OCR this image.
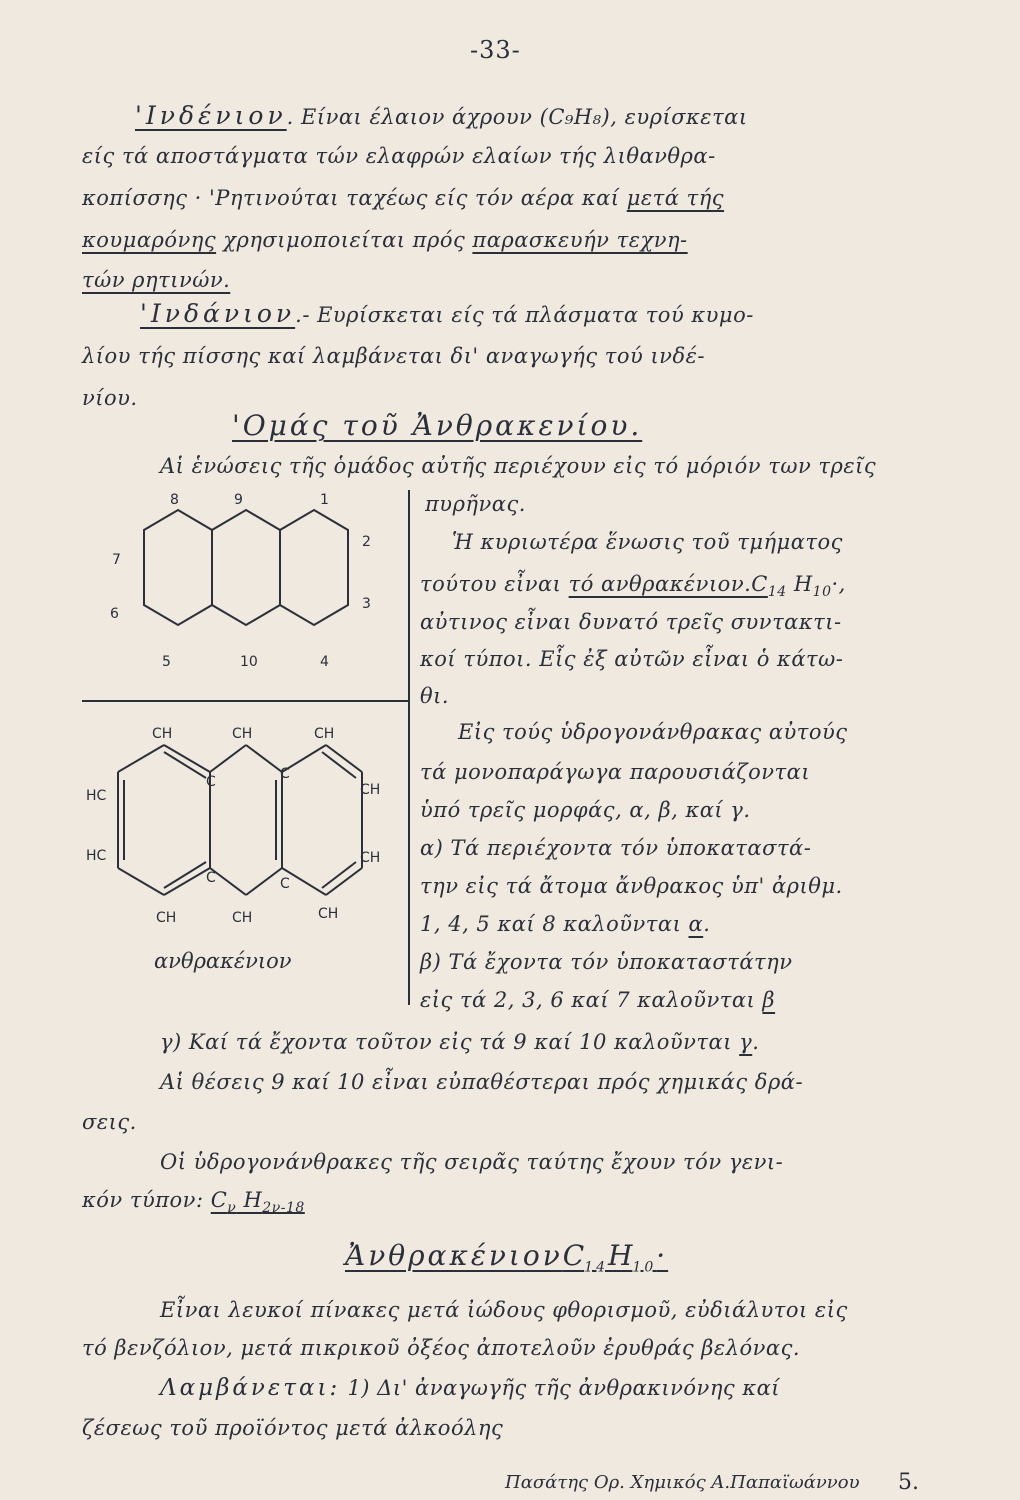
-33-
'Ινδένιον. Είναι έλαιον άχρουν (C₉H₈), ευρίσκεται
είς τά αποστάγματα τών ελαφρών ελαίων τής λιθανθρα-
κοπίσσης · 'Ρητινούται ταχέως είς τόν αέρα καί μετά τής
κουμαρόνης χρησιμοποιείται πρός παρασκευήν τεχνη-
τών ρητινών.
'Ινδάνιον.- Ευρίσκεται είς τά πλάσματα τού κυμο-
λίου τής πίσσης καί λαμβάνεται δι' αναγωγής τού ινδέ-
νίου.
'Ομάς τοῦ Ἀνθρακενίου.
Αἱ ἑνώσεις τῆς ὁμάδος αὐτῆς περιέχουν εἰς τό μόριόν των τρεῖς
πυρῆνας.
8	9	1
2
7
3
6
5	10	4
CH	CH	CH
HC
HC
CH
CH
C	C
C	C
CH	CH	CH
ανθρακένιον
Ἡ κυριωτέρα ἕνωσις τοῦ τμήματος
τούτου εἶναι τό $\alpha\nu\theta\rho\alpha\kappa έ\nu\iota o\nu.C_{14}$ $H_{10}\cdot$,
αὐτινος εἶναι δυνατό τρεῖς συντακτι-
κοί τύποι. Εἷς ἐξ αὐτῶν εἶναι ὁ κάτω-
θι.
Εἰς τούς ὑδρογονάνθρακας αὐτούς
τά μονοπαράγωγα παρουσιάζονται
ὑπό τρεῖς μορφάς, α, β, καί γ.
α) Τά περιέχοντα τόν ὑποκαταστά-
την εἰς τά ἄτομα ἄνθρακος ὑπ' ἀριθμ.
1, 4, 5 καί 8 καλοῦνται α.
β) Τά ἔχοντα τόν ὑποκαταστάτην
εἰς τά 2, 3, 6 καί 7 καλοῦνται β
γ) Καί τά ἔχοντα τοῦτον εἰς τά 9 καί 10 καλοῦνται γ.
Αἱ θέσεις 9 καί 10 εἶναι εὐπαθέστεραι πρός χημικάς δρά-
σεις.
Οἱ ὑδρογονάνθρακες τῆς σειρᾶς ταύτης ἔχουν τόν γενι-
κόν τύπον: $C_\nu$ $H_{2\nu-18}$
$Ἀ\nu\theta\rho\alpha\kappa έ\nu\iota o\nu C_{14}H_{10}\cdot$
Εἶναι λευκοί πίνακες μετά ἰώδους φθορισμοῦ, εὐδιάλυτοι εἰς
τό βενζόλιον, μετά πικρικοῦ ὀξέος ἀποτελοῦν ἐρυθράς βελόνας.
Λαμβάνεται: 1) Δι' ἀναγωγῆς τῆς ἀνθρακινόνης καί
ζέσεως τοῦ προϊόντος μετά ἀλκοόλης
Πασάτης Ορ. Χημικός Α.Παπαϊωάννου 5.
